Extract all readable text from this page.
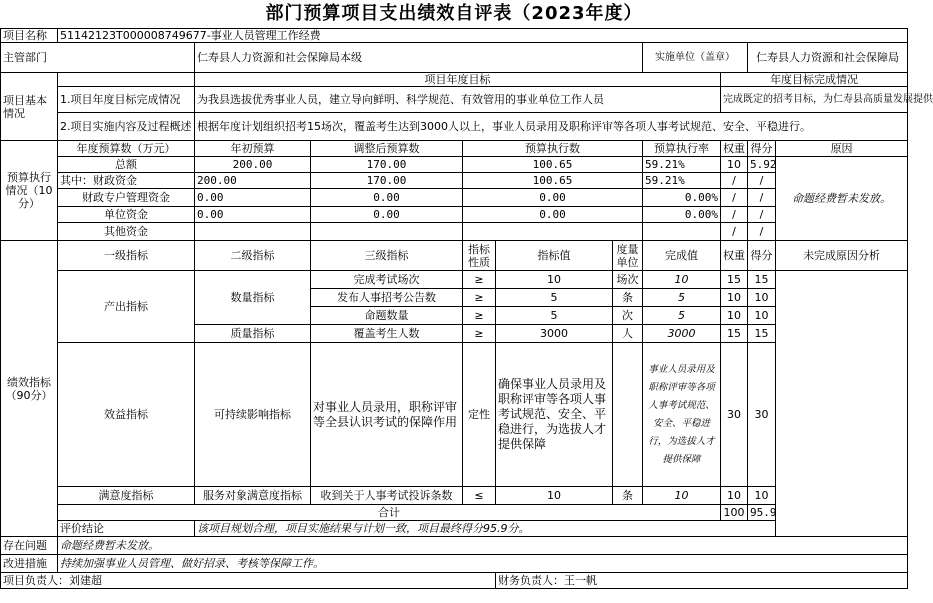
部门预算项目支出绩效自评表（2023年度）
项目名称	51142123T000008749677-事业人员管理工作经费									
主管部门		仁寿县人力资源和社会保障局本级					实施单位（盖章）		仁寿县人力资源和社会保障局	
项目基本情况		项目年度目标						年度目标完成情况		
	1.项目年度目标完成情况	为我县选拔优秀事业人员，建立导向鲜明、科学规范、有效管用的事业单位工作人员						完成既定的招考目标，为仁寿县高质量发展提供		

	2.项目实施内容及过程概述	根据年度计划组织招考15场次，覆盖考生达到3000人以上，事业人员录用及职称评审等各项人事考试规范、安全、平稳进行。								
预算执行情况（10分）	年度预算数（万元）	年初预算	调整后预算数	预算执行数			预算执行率	权重	得分	原因
	总额	200.00	170.00	100.65			59.21%	10	5.92	命题经费暂未发放。
	其中：财政资金	200.00	170.00	100.65			59.21%	/	/	
	财政专户管理资金	0.00	0.00	0.00			0.00%	/	/	
	单位资金	0.00	0.00	0.00			0.00%	/	/	
	其他资金							/	/	
绩效指标（90分）	一级指标	二级指标	三级指标	指标性质	指标值	度量单位	完成值	权重	得分	未完成原因分析
	产出指标	数量指标	完成考试场次	≥	10	场次	10	15	15	
			发布人事招考公告数	≥	5	条	5	10	10	
			命题数量	≥	5	次	5	10	10	
		质量指标	覆盖考生人数	≥	3000	人	3000	15	15	
	效益指标	可持续影响指标	对事业人员录用，职称评审等全县认识考试的保障作用	定性	确保事业人员录用及职称评审等各项人事考试规范、安全、平稳进行，为选拔人才提供保障		事业人员录用及职称评审等各项人事考试规范、安全、平稳进行，为选拔人才提供保障	30	30	
	满意度指标	服务对象满意度指标	收到关于人事考试投诉条数	≤	10	条	10	10	10	
	合计							100	95.9	
	评价结论	该项目规划合理，项目实施结果与计划一致，项目最终得分95.9分。								
存在问题	命题经费暂未发放。									
改进措施	持续加强事业人员管理、做好招录、考核等保障工作。									
项目负责人：刘建超					财务负责人：王一帆					
